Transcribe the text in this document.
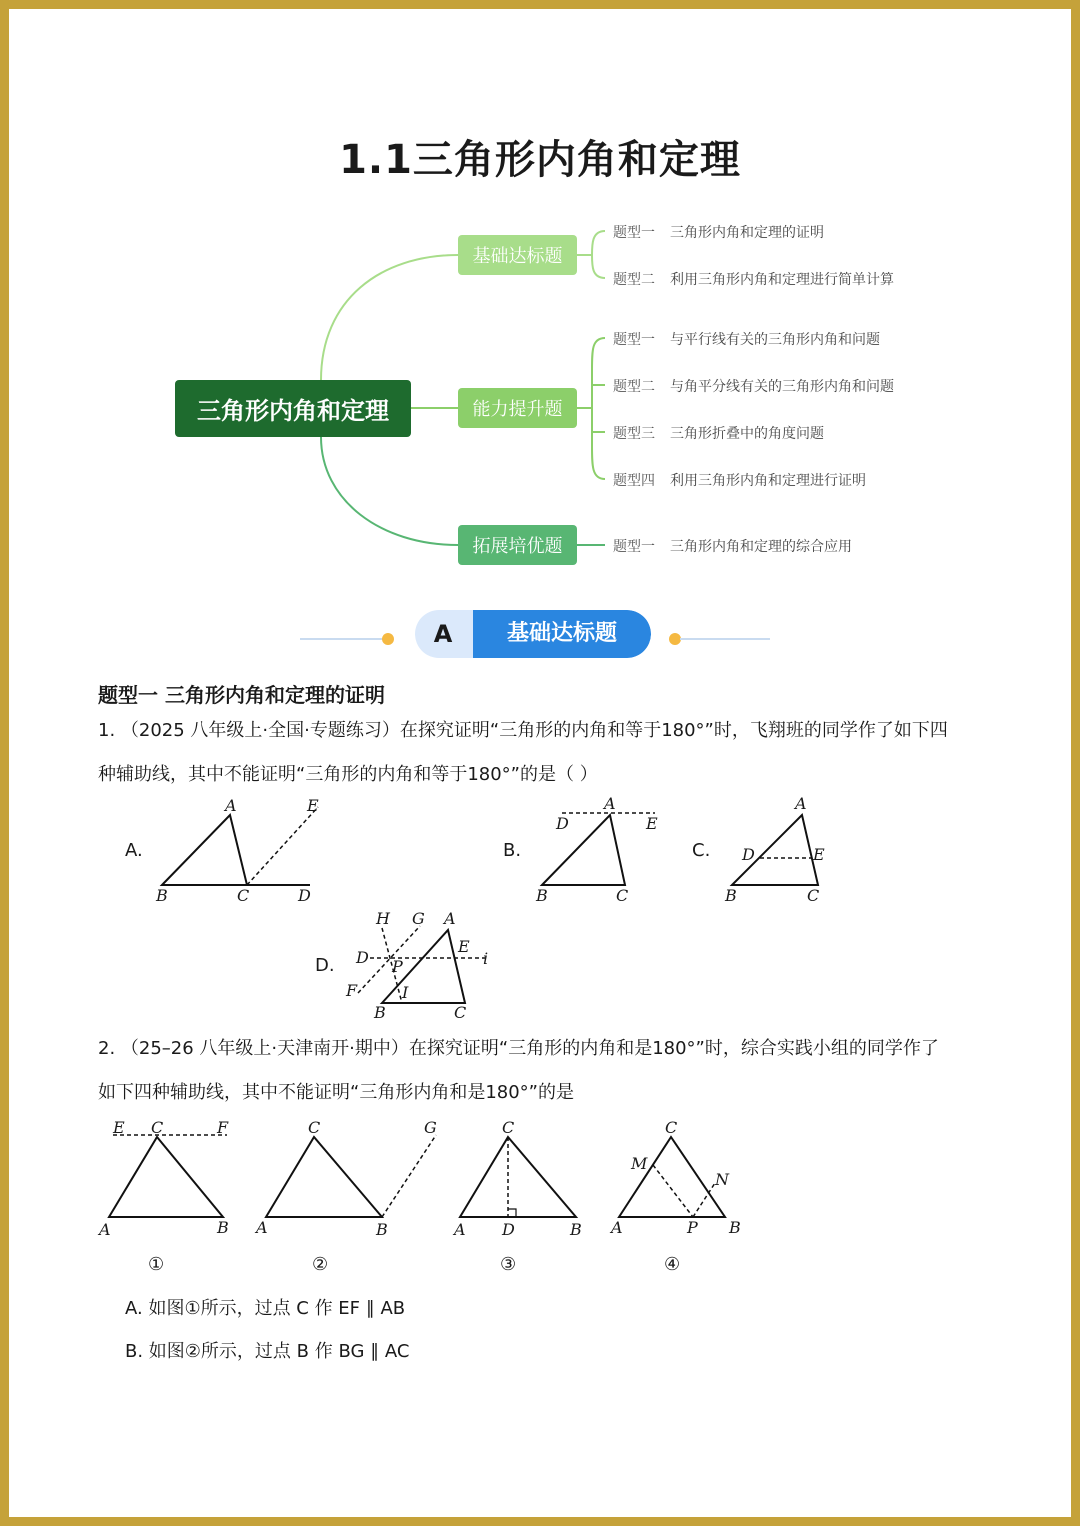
1.1三角形内角和定理
三角形内角和定理
基础达标题
能力提升题
拓展培优题
题型一 三角形内角和定理的证明
题型二 利用三角形内角和定理进行简单计算
题型一 与平行线有关的三角形内角和问题
题型二 与角平分线有关的三角形内角和问题
题型三 三角形折叠中的角度问题
题型四 利用三角形内角和定理进行证明
题型一 三角形内角和定理的综合应用
A	基础达标题
题型一 三角形内角和定理的证明
1. （2025 八年级上·全国·专题练习）在探究证明“三角形的内角和等于180°”时，飞翔班的同学作了如下四
种辅助线，其中不能证明“三角形的内角和等于180°”的是（ ）
A.	B.	C.
D.
A	E
B	C	D
A
D	E
B	C
A
D	E
B	C
H G A
E
i
D P
F	I
B	C
2. （25–26 八年级上·天津南开·期中）在探究证明“三角形的内角和是180°”时，综合实践小组的同学作了
如下四种辅助线，其中不能证明“三角形内角和是180°”的是
E C	F
A	B
C	G
A	B
C
A D	B
C
M
N
A	P B
①	②	③	④
A. 如图①所示，过点 C 作 EF ∥ AB
B. 如图②所示，过点 B 作 BG ∥ AC
